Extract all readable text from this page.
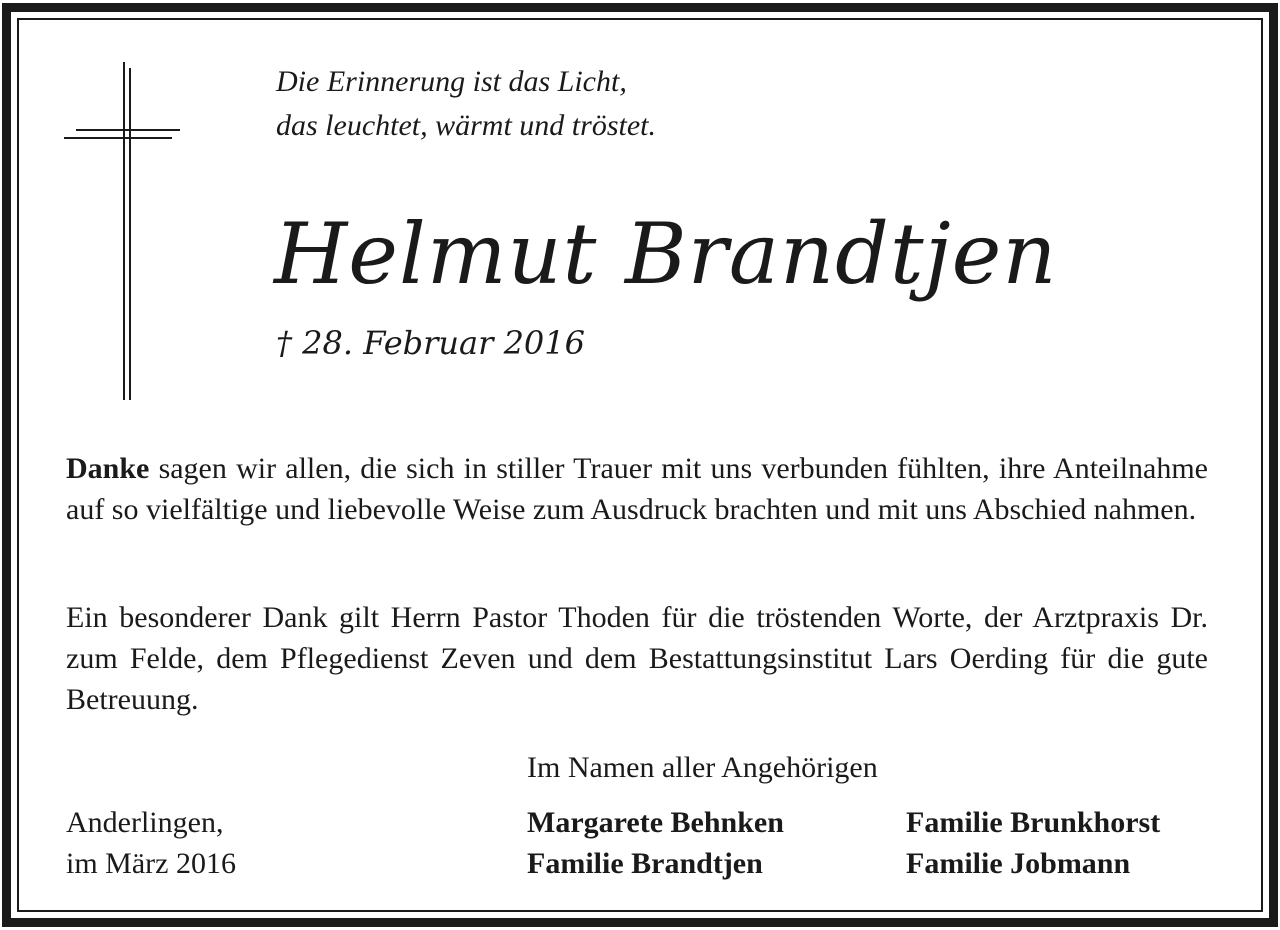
Die Erinnerung ist das Licht,
das leuchtet, wärmt und tröstet.
Helmut Brandtjen
† 28. Februar 2016

Danke sagen wir allen, die sich in stiller Trauer mit uns verbunden fühlten, ihre Anteilnahme auf so vielfältige und liebevolle Weise zum Ausdruck brachten und mit uns Abschied nahmen.

Ein besonderer Dank gilt Herrn Pastor Thoden für die tröstenden Worte, der Arztpraxis Dr. zum Felde, dem Pflegedienst Zeven und dem Bestattungsinstitut Lars Oerding für die gute Betreuung.

Im Namen aller Angehörigen
Anderlingen,
im März 2016
Margarete Behnken
Familie Brandtjen
Familie Brunkhorst
Familie Jobmann
